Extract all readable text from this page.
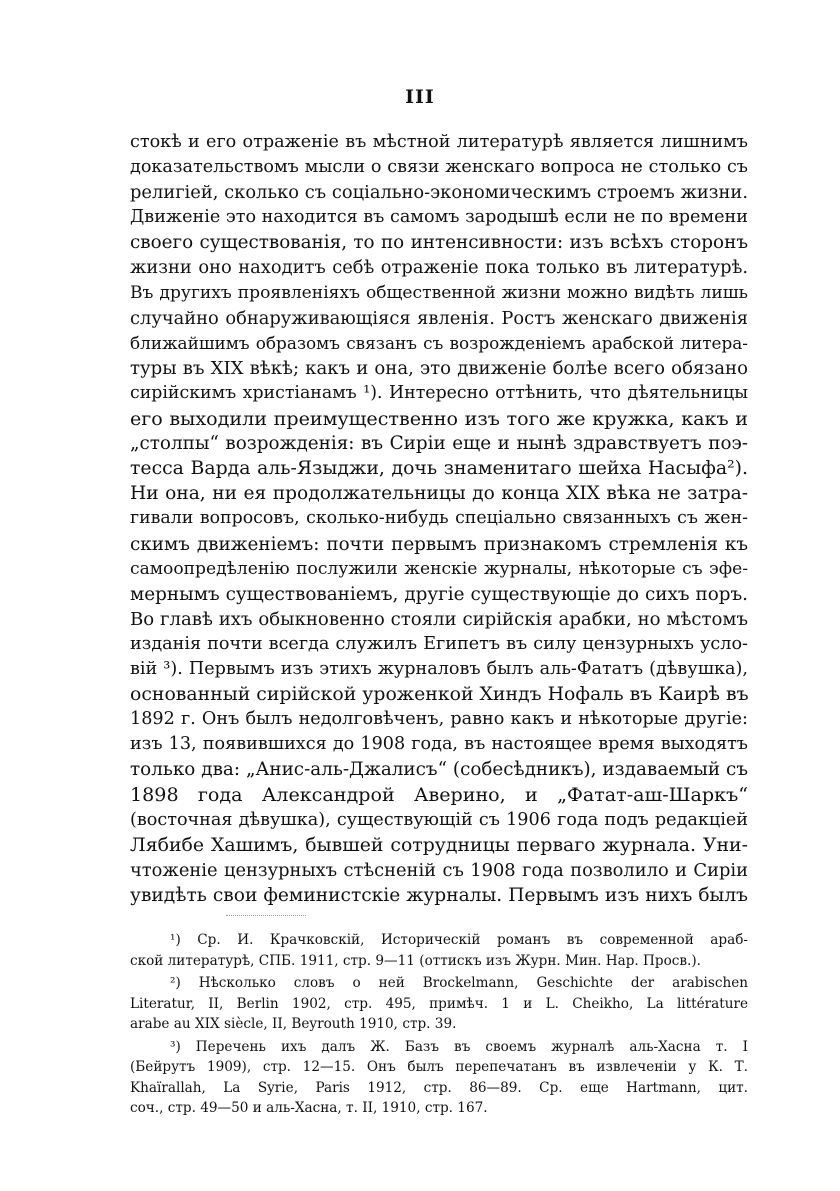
III
стокѣ и его отраженіе въ мѣстной литературѣ является лишнимъ
доказательствомъ мысли о связи женскаго вопроса не столько съ
религіей, сколько съ соціально-экономическимъ строемъ жизни.
Движеніе это находится въ самомъ зародышѣ если не по времени
своего существованія, то по интенсивности: изъ всѣхъ сторонъ
жизни оно находитъ себѣ отраженіе пока только въ литературѣ.
Въ другихъ проявленіяхъ общественной жизни можно видѣть лишь
случайно обнаруживающіяся явленія. Ростъ женскаго движенія
ближайшимъ образомъ связанъ съ возрожденіемъ арабской литера-
туры въ XIX вѣкѣ; какъ и она, это движеніе болѣе всего обязано
сирійскимъ христіанамъ ¹). Интересно оттѣнить, что дѣятельницы
его выходили преимущественно изъ того же кружка, какъ и
„столпы“ возрожденія: въ Сиріи еще и нынѣ здравствуетъ поэ-
тесса Варда аль-Языджи, дочь знаменитаго шейха Насыфа²).
Ни она, ни ея продолжательницы до конца XIX вѣка не затра-
гивали вопросовъ, сколько-нибудь спеціально связанныхъ съ жен-
скимъ движеніемъ: почти первымъ признакомъ стремленія къ
самоопредѣленію послужили женскіе журналы, нѣкоторые съ эфе-
мернымъ существованіемъ, другіе существующіе до сихъ поръ.
Во главѣ ихъ обыкновенно стояли сирійскія арабки, но мѣстомъ
изданія почти всегда служилъ Египетъ въ силу цензурныхъ усло-
вій ³). Первымъ изъ этихъ журналовъ былъ аль-Фататъ (дѣвушка),
основанный сирійской уроженкой Хиндъ Нофаль въ Каирѣ въ
1892 г. Онъ былъ недолговѣченъ, равно какъ и нѣкоторые другіе:
изъ 13, появившихся до 1908 года, въ настоящее время выходятъ
только два: „Анис-аль-Джалисъ“ (собесѣдникъ), издаваемый съ
1898 года Александрой Аверино, и „Фатат-аш-Шаркъ“
(восточная дѣвушка), существующій съ 1906 года подъ редакціей
Лябибе Хашимъ, бывшей сотрудницы перваго журнала. Уни-
чтоженіе цензурныхъ стѣсненій съ 1908 года позволило и Сиріи
увидѣть свои феминистскіе журналы. Первымъ изъ нихъ былъ
¹) Ср. И. Крачковскій, Историческій романъ въ современной араб-
ской литературѣ, СПБ. 1911, стр. 9—11 (оттискъ изъ Журн. Мин. Нар. Просв.).
²) Нѣсколько словъ о ней Brockelmann, Geschichte der arabischen
Literatur, II, Berlin 1902, стр. 495, примѣч. 1 и L. Cheikho, La littérature
arabe au XIX siècle, II, Beyrouth 1910, стр. 39.
³) Перечень ихъ далъ Ж. Базъ въ своемъ журналѣ аль-Хасна т. I
(Бейрутъ 1909), стр. 12—15. Онъ былъ перепечатанъ въ извлеченіи у К. Т.
Khaïrallah, La Syrie, Paris 1912, стр. 86—89. Ср. еще Hartmann, цит.
соч., стр. 49—50 и аль-Хасна, т. II, 1910, стр. 167.
